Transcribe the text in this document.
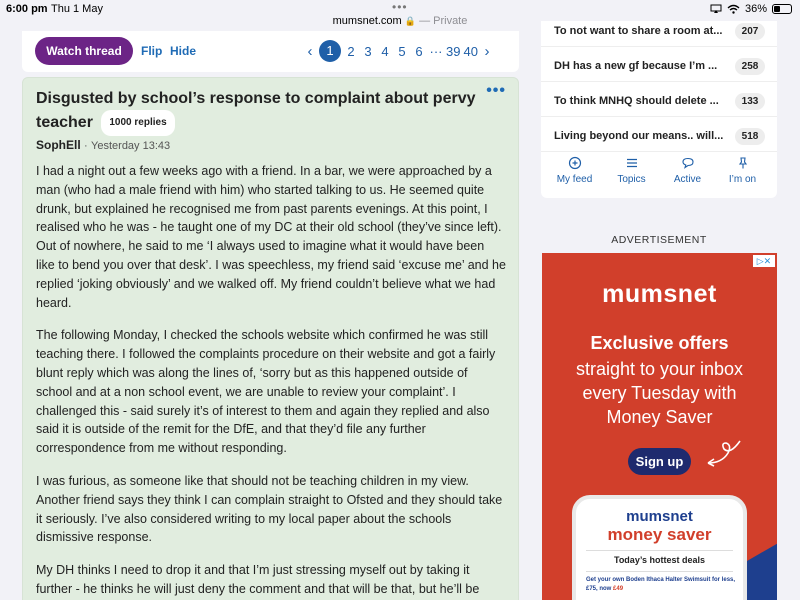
6:00 pm Thu 1 May	•••
mumsnet.com 🔒 — Private
36%
Watch thread	Flip Hide	‹	1	2 3 4 5 6 ··· 39 40 ›
Disgusted by school’s response to complaint about pervy teacher 1000 replies
•••
SophEll · Yesterday 13:43

I had a night out a few weeks ago with a friend. In a bar, we were approached by a man (who had a male friend with him) who started talking to us. He seemed quite drunk, but explained he recognised me from past parents evenings. At this point, I realised who he was - he taught one of my DC at their old school (they’ve since left). Out of nowhere, he said to me ‘I always used to imagine what it would have been like to bend you over that desk’. I was speechless, my friend said ‘excuse me’ and he replied ‘joking obviously’ and we walked off. My friend couldn’t believe what we had heard.

The following Monday, I checked the schools website which confirmed he was still teaching there. I followed the complaints procedure on their website and got a fairly blunt reply which was along the lines of, ‘sorry but as this happened outside of school and at a non school event, we are unable to review your complaint’. I challenged this - said surely it’s of interest to them and again they replied and also said it is outside of the remit for the DfE, and that they’d file any further correspondence from me without responding.

I was furious, as someone like that should not be teaching children in my view. Another friend says they think I can complain straight to Ofsted and they should take it seriously. I’ve also considered writing to my local paper about the schools dismissive response.

My DH thinks I need to drop it and that I’m just stressing myself out by taking it further - he thinks he will just deny the comment and that will be that, but he’ll be

To not want to share a room at...	207
DH has a new gf because I’m ...	258
To think MNHQ should delete ...	133
Living beyond our means.. will...	518
My feed	Topics	Active	I’m on
ADVERTISEMENT
▷✕
mumsnet
Exclusive offers
straight to your inbox
every Tuesday with
Money Saver
Sign up
mumsnet
money saver
Today’s hottest deals
Get your own Boden Ithaca Halter Swimsuit for less, £75, now £49
